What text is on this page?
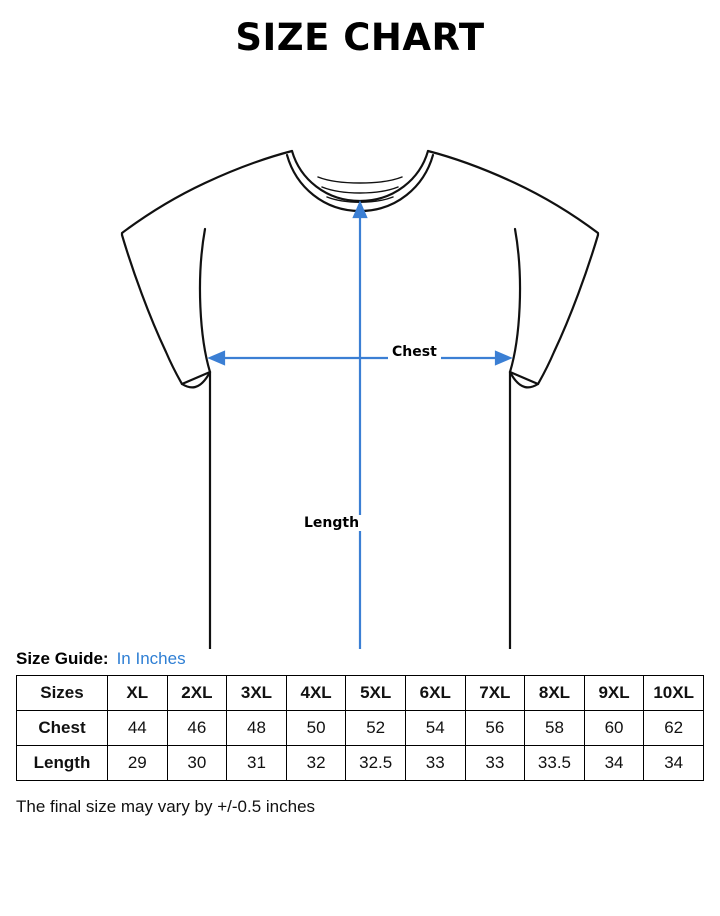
SIZE CHART
Chest
Length
Size Guide: In Inches
Sizes	XL	2XL	3XL	4XL	5XL	6XL	7XL	8XL	9XL	10XL
Chest	44	46	48	50	52	54	56	58	60	62
Length	29	30	31	32	32.5	33	33	33.5	34	34
The final size may vary by +/-0.5 inches
